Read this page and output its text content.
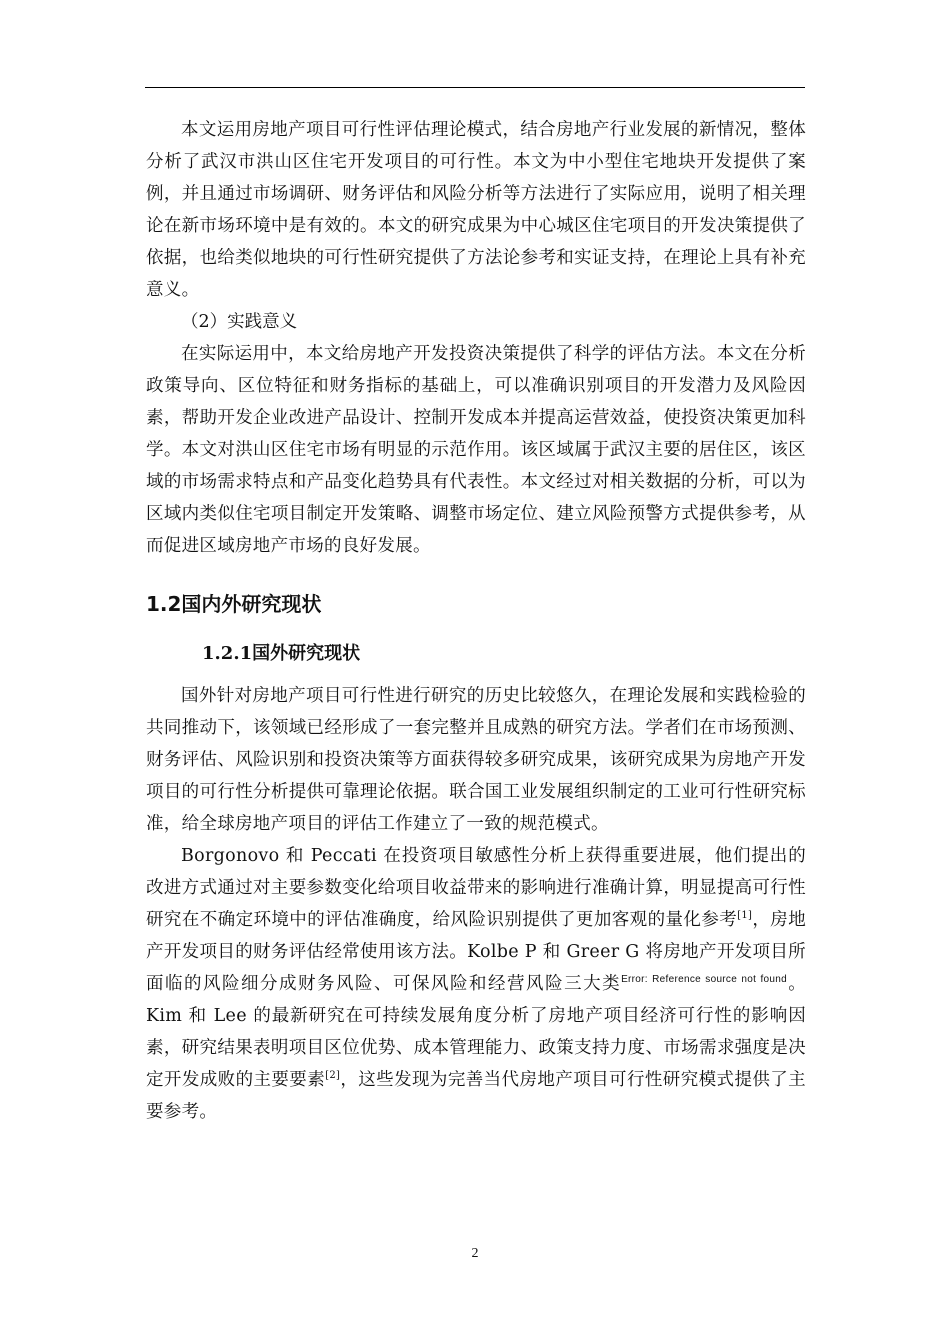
本文运用房地产项目可行性评估理论模式，结合房地产行业发展的新情况，整体分析了武汉市洪山区住宅开发项目的可行性。本文为中小型住宅地块开发提供了案例，并且通过市场调研、财务评估和风险分析等方法进行了实际应用，说明了相关理论在新市场环境中是有效的。本文的研究成果为中心城区住宅项目的开发决策提供了依据，也给类似地块的可行性研究提供了方法论参考和实证支持，在理论上具有补充意义。

（2）实践意义

在实际运用中，本文给房地产开发投资决策提供了科学的评估方法。本文在分析政策导向、区位特征和财务指标的基础上，可以准确识别项目的开发潜力及风险因素，帮助开发企业改进产品设计、控制开发成本并提高运营效益，使投资决策更加科学。本文对洪山区住宅市场有明显的示范作用。该区域属于武汉主要的居住区，该区域的市场需求特点和产品变化趋势具有代表性。本文经过对相关数据的分析，可以为区域内类似住宅项目制定开发策略、调整市场定位、建立风险预警方式提供参考，从而促进区域房地产市场的良好发展。

1.2国内外研究现状
1.2.1国外研究现状

国外针对房地产项目可行性进行研究的历史比较悠久，在理论发展和实践检验的共同推动下，该领域已经形成了一套完整并且成熟的研究方法。学者们在市场预测、财务评估、风险识别和投资决策等方面获得较多研究成果，该研究成果为房地产开发项目的可行性分析提供可靠理论依据。联合国工业发展组织制定的工业可行性研究标准，给全球房地产项目的评估工作建立了一致的规范模式。

Borgonovo 和 Peccati 在投资项目敏感性分析上获得重要进展，他们提出的改进方式通过对主要参数变化给项目收益带来的影响进行准确计算，明显提高可行性研究在不确定环境中的评估准确度，给风险识别提供了更加客观的量化参考[1]，房地产开发项目的财务评估经常使用该方法。Kolbe P 和 Greer G 将房地产开发项目所面临的风险细分成财务风险、可保风险和经营风险三大类$^{Error: Reference source not found}$。Kim 和 Lee 的最新研究在可持续发展角度分析了房地产项目经济可行性的影响因素，研究结果表明项目区位优势、成本管理能力、政策支持力度、市场需求强度是决定开发成败的主要要素[2]，这些发现为完善当代房地产项目可行性研究模式提供了主要参考。

2
